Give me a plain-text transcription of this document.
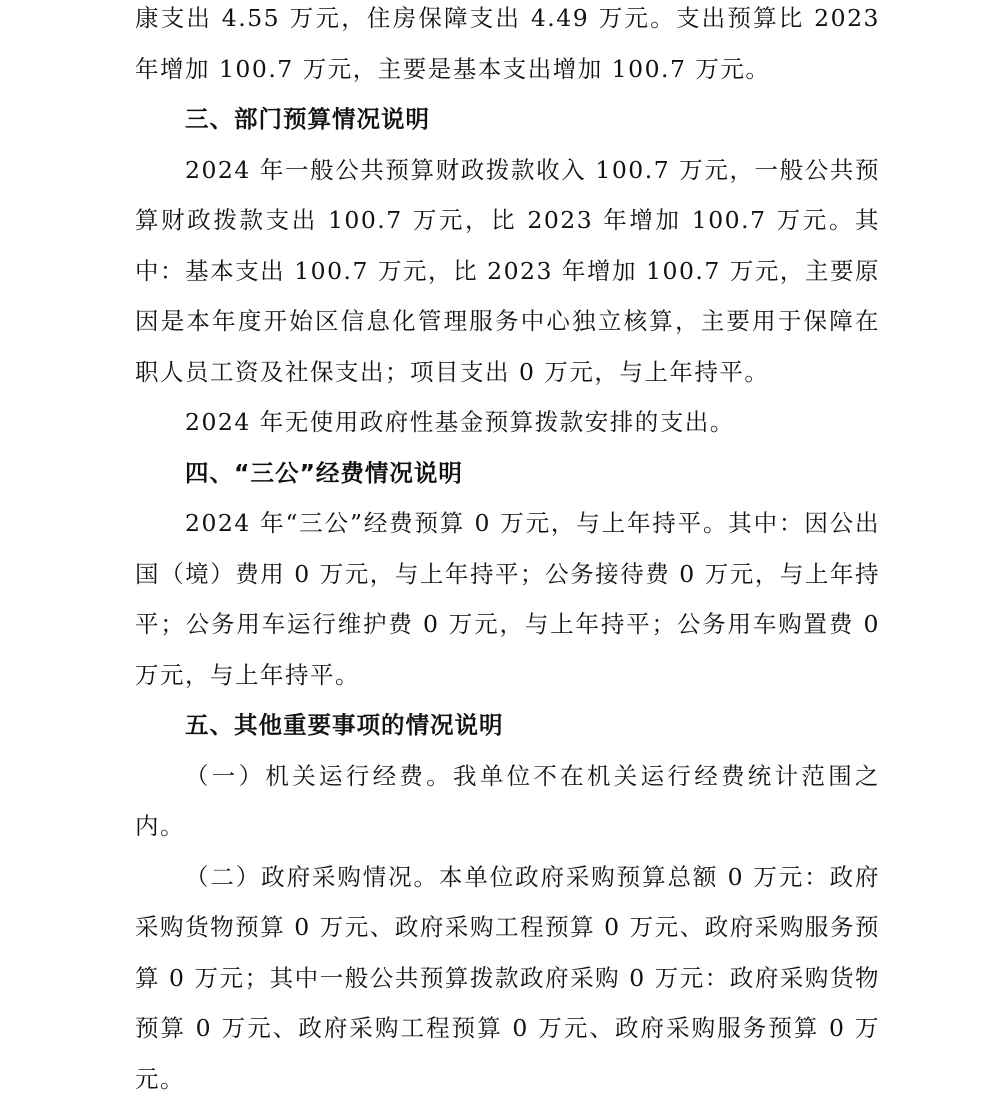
康支出 4.55 万元，住房保障支出 4.49 万元。支出预算比 2023 年增加 100.7 万元，主要是基本支出增加 100.7 万元。

三、部门预算情况说明

2024 年一般公共预算财政拨款收入 100.7 万元，一般公共预算财政拨款支出 100.7 万元，比 2023 年增加 100.7 万元。其中：基本支出 100.7 万元，比 2023 年增加 100.7 万元，主要原因是本年度开始区信息化管理服务中心独立核算，主要用于保障在职人员工资及社保支出；项目支出 0 万元，与上年持平。

2024 年无使用政府性基金预算拨款安排的支出。

四、“三公”经费情况说明

2024 年“三公”经费预算 0 万元，与上年持平。其中：因公出国（境）费用 0 万元，与上年持平；公务接待费 0 万元，与上年持平；公务用车运行维护费 0 万元，与上年持平；公务用车购置费 0 万元，与上年持平。

五、其他重要事项的情况说明

（一）机关运行经费。我单位不在机关运行经费统计范围之内。

（二）政府采购情况。本单位政府采购预算总额 0 万元：政府采购货物预算 0 万元、政府采购工程预算 0 万元、政府采购服务预算 0 万元；其中一般公共预算拨款政府采购 0 万元：政府采购货物预算 0 万元、政府采购工程预算 0 万元、政府采购服务预算 0 万元。
